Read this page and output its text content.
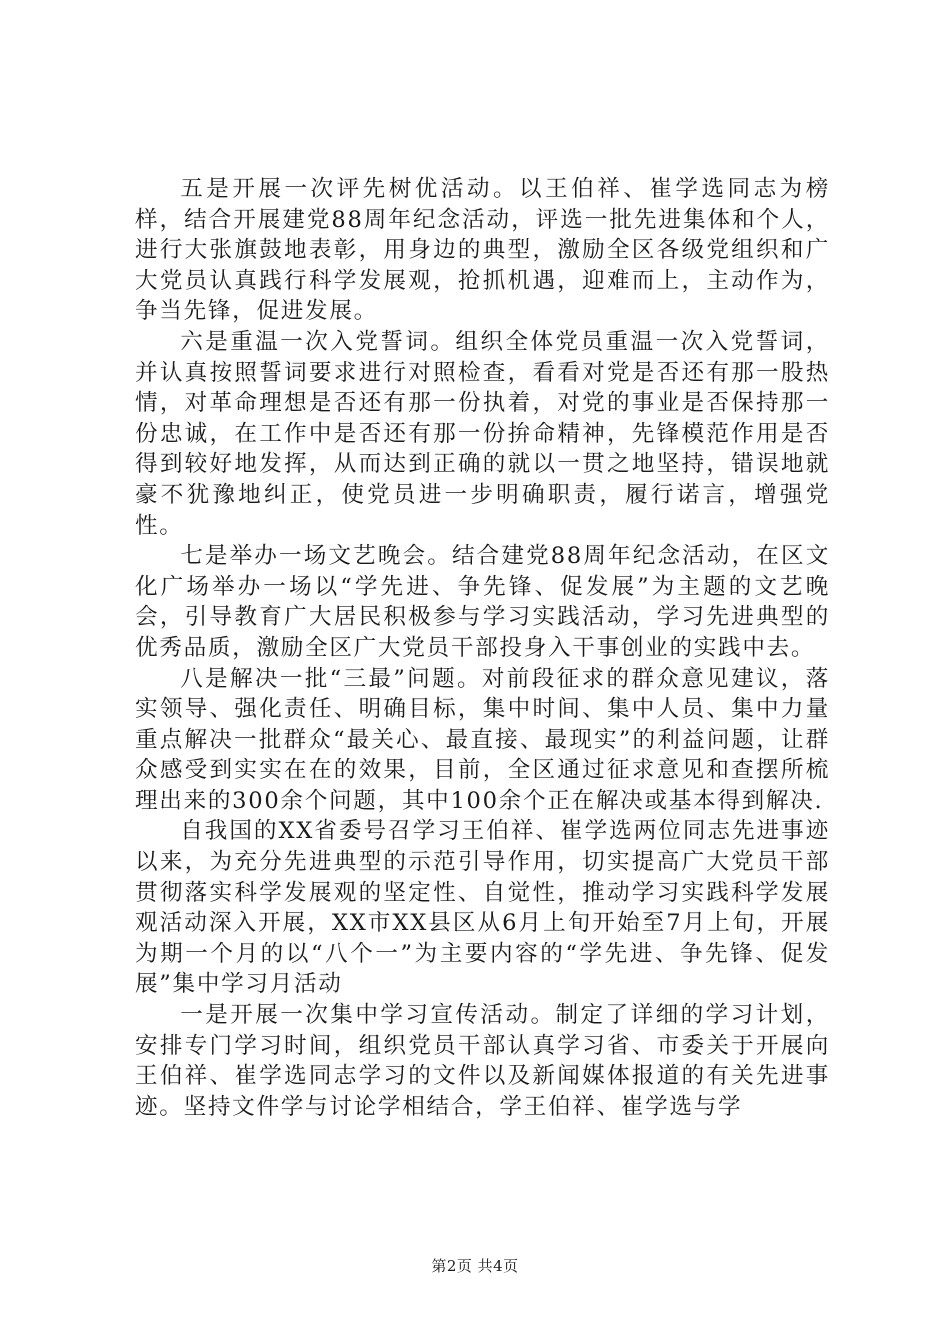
五是开展一次评先树优活动。以王伯祥、崔学选同志为榜样，结合开展建党88周年纪念活动，评选一批先进集体和个人，进行大张旗鼓地表彰，用身边的典型，激励全区各级党组织和广大党员认真践行科学发展观，抢抓机遇，迎难而上，主动作为，争当先锋，促进发展。

六是重温一次入党誓词。组织全体党员重温一次入党誓词，并认真按照誓词要求进行对照检查，看看对党是否还有那一股热情，对革命理想是否还有那一份执着，对党的事业是否保持那一份忠诚，在工作中是否还有那一份拚命精神，先锋模范作用是否得到较好地发挥，从而达到正确的就以一贯之地坚持，错误地就豪不犹豫地纠正，使党员进一步明确职责，履行诺言，增强党性。

七是举办一场文艺晚会。结合建党88周年纪念活动，在区文化广场举办一场以“学先进、争先锋、促发展”为主题的文艺晚会，引导教育广大居民积极参与学习实践活动，学习先进典型的优秀品质，激励全区广大党员干部投身入干事创业的实践中去。

八是解决一批“三最”问题。对前段征求的群众意见建议，落实领导、强化责任、明确目标，集中时间、集中人员、集中力量重点解决一批群众“最关心、最直接、最现实”的利益问题，让群众感受到实实在在的效果，目前，全区通过征求意见和查摆所梳理出来的300余个问题，其中100余个正在解决或基本得到解决.

自我国的XX省委号召学习王伯祥、崔学选两位同志先进事迹以来，为充分先进典型的示范引导作用，切实提高广大党员干部贯彻落实科学发展观的坚定性、自觉性，推动学习实践科学发展观活动深入开展，XX市XX县区从6月上旬开始至7月上旬，开展为期一个月的以“八个一”为主要内容的“学先进、争先锋、促发展”集中学习月活动

一是开展一次集中学习宣传活动。制定了详细的学习计划，安排专门学习时间，组织党员干部认真学习省、市委关于开展向王伯祥、崔学选同志学习的文件以及新闻媒体报道的有关先进事迹。坚持文件学与讨论学相结合，学王伯祥、崔学选与学

第2页 共4页
